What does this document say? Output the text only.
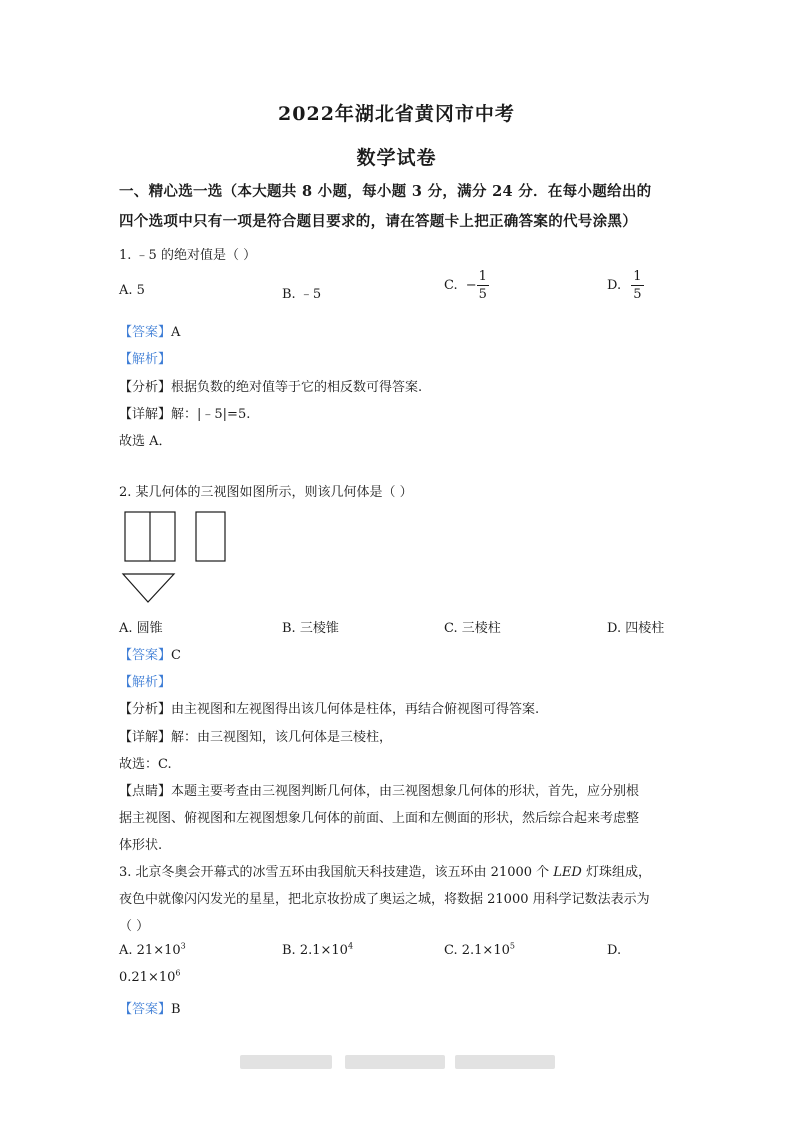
2022年湖北省黄冈市中考
数学试卷
一、精心选一选（本大题共 8 小题，每小题 3 分，满分 24 分．在每小题给出的
四个选项中只有一项是符合题目要求的，请在答题卡上把正确答案的代号涂黑）
1. ﹣5 的绝对值是（ ）
A. 5	B. ﹣5
C. − $\frac{1}{5}$	D. $\frac{1}{5}$
【答案】A
【解析】
【分析】根据负数的绝对值等于它的相反数可得答案.
【详解】解：|﹣5|=5.
故选 A．
2. 某几何体的三视图如图所示，则该几何体是（ ）
A. 圆锥	B. 三棱锥	C. 三棱柱	D. 四棱柱
【答案】C
【解析】
【分析】由主视图和左视图得出该几何体是柱体，再结合俯视图可得答案.
【详解】解：由三视图知，该几何体是三棱柱，
故选：C.
【点睛】本题主要考查由三视图判断几何体，由三视图想象几何体的形状，首先，应分别根
据主视图、俯视图和左视图想象几何体的前面、上面和左侧面的形状，然后综合起来考虑整
体形状.
3. 北京冬奥会开幕式的冰雪五环由我国航天科技建造，该五环由 21000 个 LED 灯珠组成，
夜色中就像闪闪发光的星星，把北京妆扮成了奥运之城，将数据 21000 用科学记数法表示为
（ ）
A. $21\times 10^3$	B. $2.1\times 10^4$	C. $2.1\times 10^5$	D.
$0.21\times 10^6$
【答案】B
